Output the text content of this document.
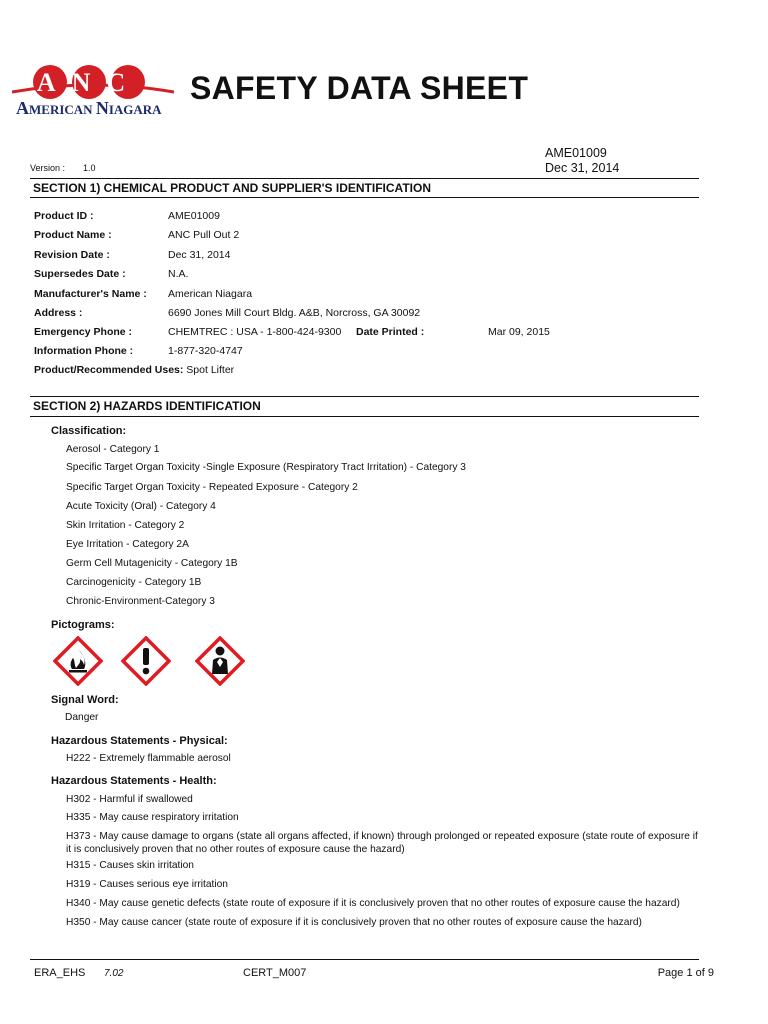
ANC
AMERICAN NIAGARA
SAFETY DATA SHEET
AME01009
Dec 31, 2014
Version : 1.0
SECTION 1) CHEMICAL PRODUCT AND SUPPLIER'S IDENTIFICATION
Product ID :	AME01009
Product Name :	ANC Pull Out 2
Revision Date :	Dec 31, 2014
Supersedes Date :	N.A.
Manufacturer's Name : American Niagara
Address :	6690 Jones Mill Court Bldg. A&B, Norcross, GA 30092
Emergency Phone :	CHEMTREC : USA - 1-800-424-9300 Date Printed :	Mar 09, 2015
Information Phone :	1-877-320-4747
Product/Recommended Uses: Spot Lifter
SECTION 2) HAZARDS IDENTIFICATION
Classification:
Aerosol - Category 1
Specific Target Organ Toxicity -Single Exposure (Respiratory Tract Irritation) - Category 3
Specific Target Organ Toxicity - Repeated Exposure - Category 2
Acute Toxicity (Oral) - Category 4
Skin Irritation - Category 2
Eye Irritation - Category 2A
Germ Cell Mutagenicity - Category 1B
Carcinogenicity - Category 1B
Chronic-Environment-Category 3
Pictograms:
Signal Word:
Danger
Hazardous Statements - Physical:
H222 - Extremely flammable aerosol
Hazardous Statements - Health:
H302 - Harmful if swallowed
H335 - May cause respiratory irritation
H373 - May cause damage to organs (state all organs affected, if known) through prolonged or repeated exposure (state route of exposure if
it is conclusively proven that no other routes of exposure cause the hazard)
H315 - Causes skin irritation
H319 - Causes serious eye irritation
H340 - May cause genetic defects (state route of exposure if it is conclusively proven that no other routes of exposure cause the hazard)
H350 - May cause cancer (state route of exposure if it is conclusively proven that no other routes of exposure cause the hazard)
ERA_EHS 7.02	CERT_M007	Page 1 of 9
